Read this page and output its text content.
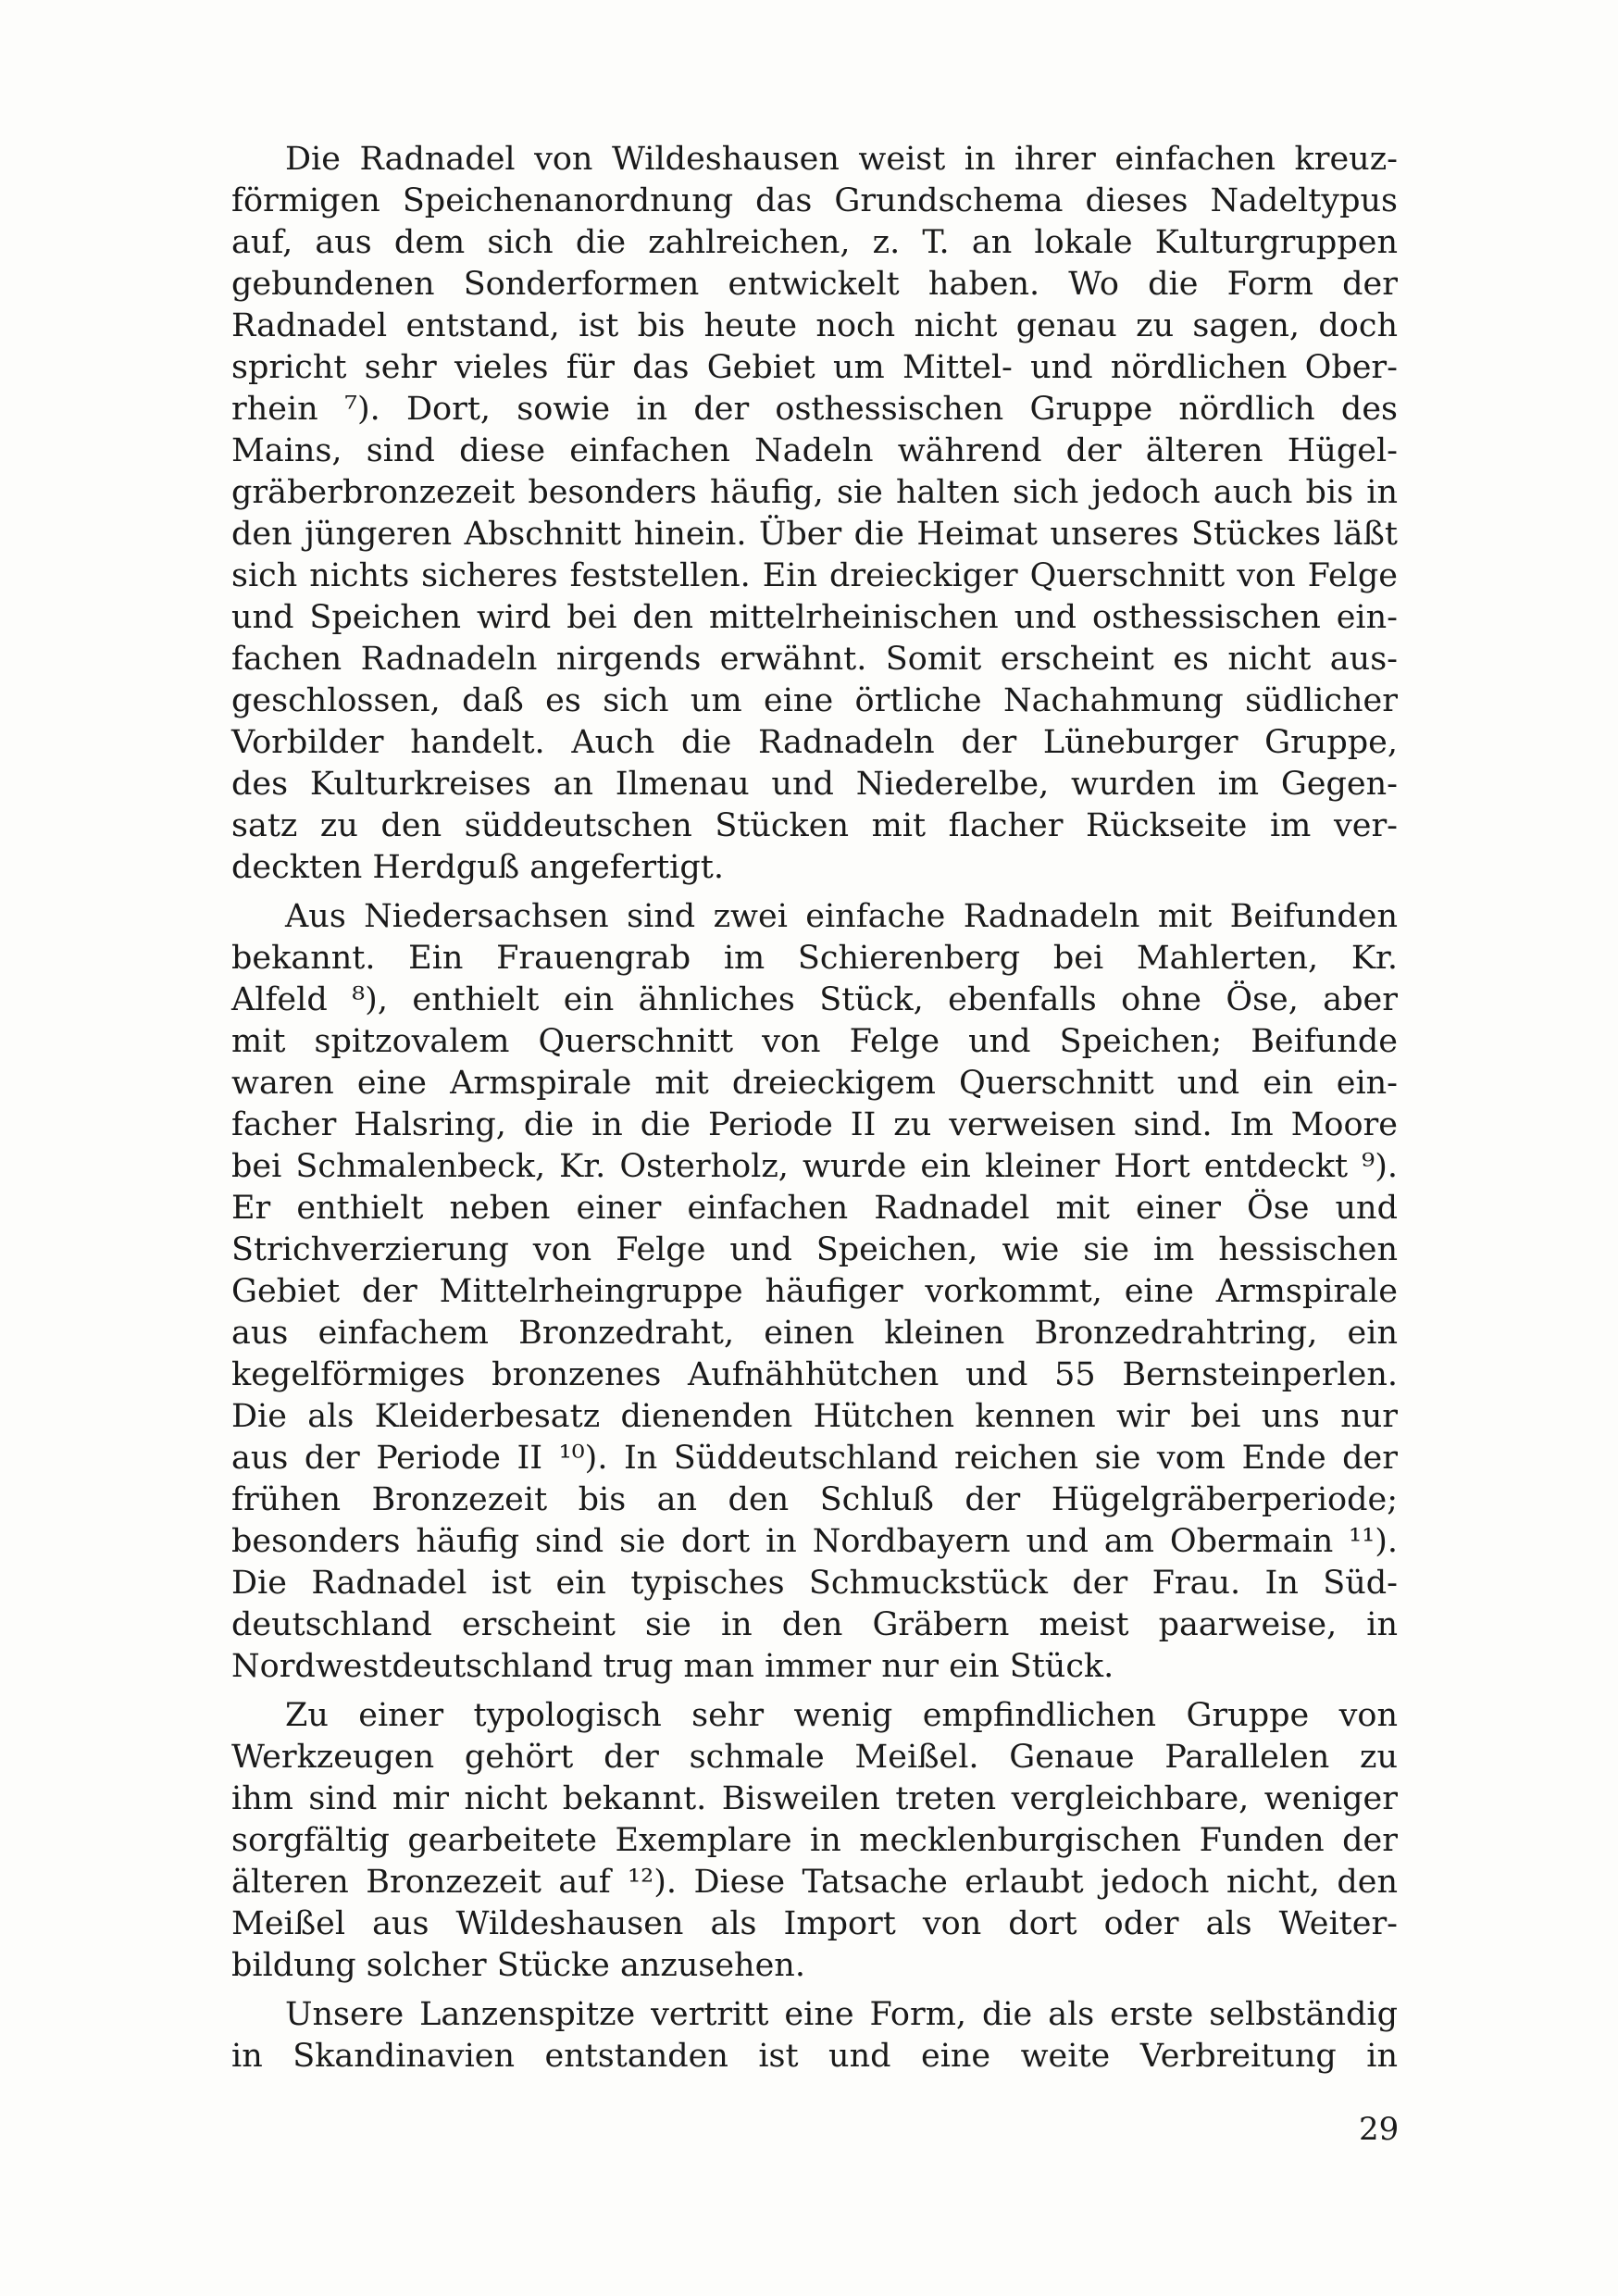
Die Radnadel von Wildeshausen weist in ihrer einfachen kreuz-
förmigen Speichenanordnung das Grundschema dieses Nadeltypus
auf, aus dem sich die zahlreichen, z. T. an lokale Kulturgruppen
gebundenen Sonderformen entwickelt haben. Wo die Form der
Radnadel entstand, ist bis heute noch nicht genau zu sagen, doch
spricht sehr vieles für das Gebiet um Mittel- und nördlichen Ober-
rhein ⁷). Dort, sowie in der osthessischen Gruppe nördlich des
Mains, sind diese einfachen Nadeln während der älteren Hügel-
gräberbronzezeit besonders häufig, sie halten sich jedoch auch bis in
den jüngeren Abschnitt hinein. Über die Heimat unseres Stückes läßt
sich nichts sicheres feststellen. Ein dreieckiger Querschnitt von Felge
und Speichen wird bei den mittelrheinischen und osthessischen ein-
fachen Radnadeln nirgends erwähnt. Somit erscheint es nicht aus-
geschlossen, daß es sich um eine örtliche Nachahmung südlicher
Vorbilder handelt. Auch die Radnadeln der Lüneburger Gruppe,
des Kulturkreises an Ilmenau und Niederelbe, wurden im Gegen-
satz zu den süddeutschen Stücken mit flacher Rückseite im ver-
deckten Herdguß angefertigt.
Aus Niedersachsen sind zwei einfache Radnadeln mit Beifunden
bekannt. Ein Frauengrab im Schierenberg bei Mahlerten, Kr.
Alfeld ⁸), enthielt ein ähnliches Stück, ebenfalls ohne Öse, aber
mit spitzovalem Querschnitt von Felge und Speichen; Beifunde
waren eine Armspirale mit dreieckigem Querschnitt und ein ein-
facher Halsring, die in die Periode II zu verweisen sind. Im Moore
bei Schmalenbeck, Kr. Osterholz, wurde ein kleiner Hort entdeckt ⁹).
Er enthielt neben einer einfachen Radnadel mit einer Öse und
Strichverzierung von Felge und Speichen, wie sie im hessischen
Gebiet der Mittelrheingruppe häufiger vorkommt, eine Armspirale
aus einfachem Bronzedraht, einen kleinen Bronzedrahtring, ein
kegelförmiges bronzenes Aufnähhütchen und 55 Bernsteinperlen.
Die als Kleiderbesatz dienenden Hütchen kennen wir bei uns nur
aus der Periode II ¹⁰). In Süddeutschland reichen sie vom Ende der
frühen Bronzezeit bis an den Schluß der Hügelgräberperiode;
besonders häufig sind sie dort in Nordbayern und am Obermain ¹¹).
Die Radnadel ist ein typisches Schmuckstück der Frau. In Süd-
deutschland erscheint sie in den Gräbern meist paarweise, in
Nordwestdeutschland trug man immer nur ein Stück.
Zu einer typologisch sehr wenig empfindlichen Gruppe von
Werkzeugen gehört der schmale Meißel. Genaue Parallelen zu
ihm sind mir nicht bekannt. Bisweilen treten vergleichbare, weniger
sorgfältig gearbeitete Exemplare in mecklenburgischen Funden der
älteren Bronzezeit auf ¹²). Diese Tatsache erlaubt jedoch nicht, den
Meißel aus Wildeshausen als Import von dort oder als Weiter-
bildung solcher Stücke anzusehen.
Unsere Lanzenspitze vertritt eine Form, die als erste selbständig
in Skandinavien entstanden ist und eine weite Verbreitung in
29
